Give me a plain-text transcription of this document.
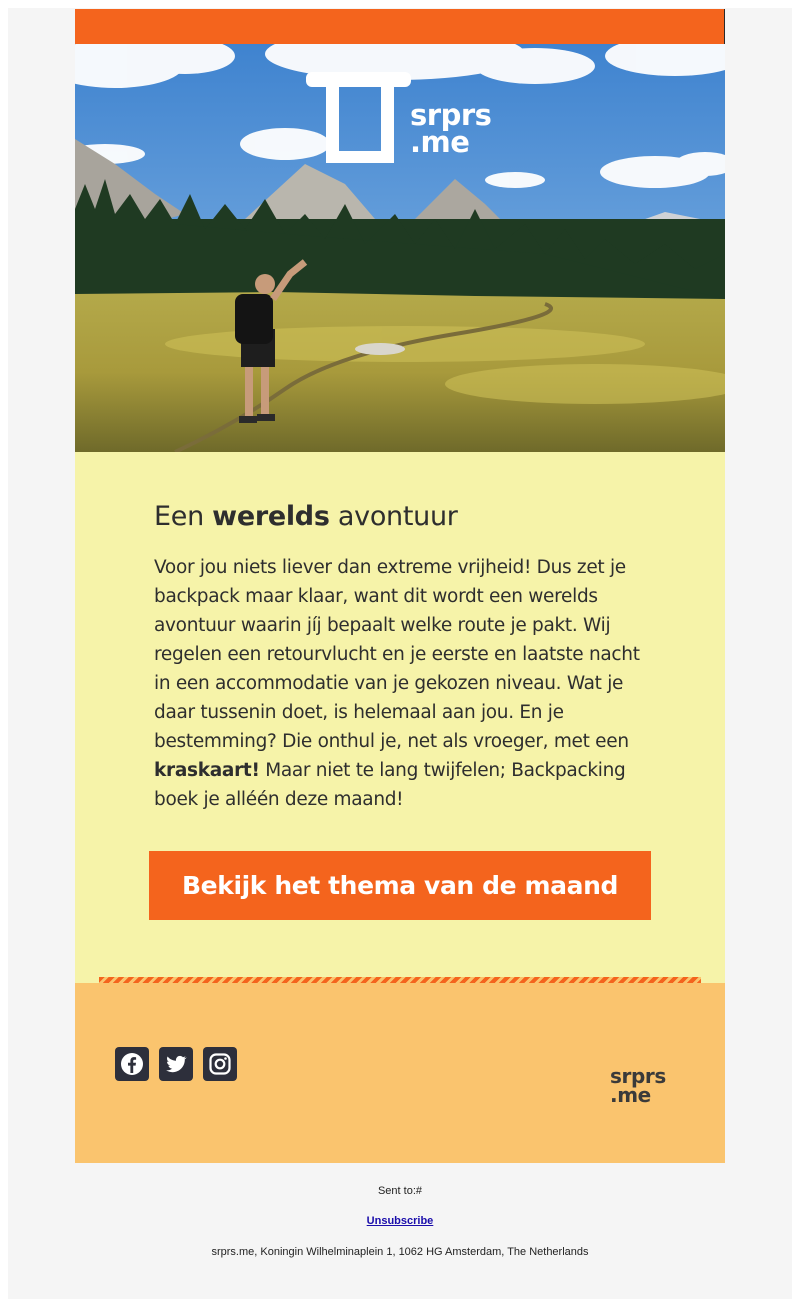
srprs
.me
Een werelds avontuur

Voor jou niets liever dan extreme vrijheid! Dus zet je backpack maar klaar, want dit wordt een werelds avontuur waarin jíj bepaalt welke route je pakt. Wij regelen een retourvlucht en je eerste en laatste nacht in een accommodatie van je gekozen niveau. Wat je daar tussenin doet, is helemaal aan jou. En je bestemming? Die onthul je, net als vroeger, met een kraskaart! Maar niet te lang twijfelen; Backpacking boek je alléén deze maand!

Bekijk het thema van de maand
srprs
.me
Sent to:#
Unsubscribe
srprs.me, Koningin Wilhelminaplein 1, 1062 HG Amsterdam, The Netherlands
